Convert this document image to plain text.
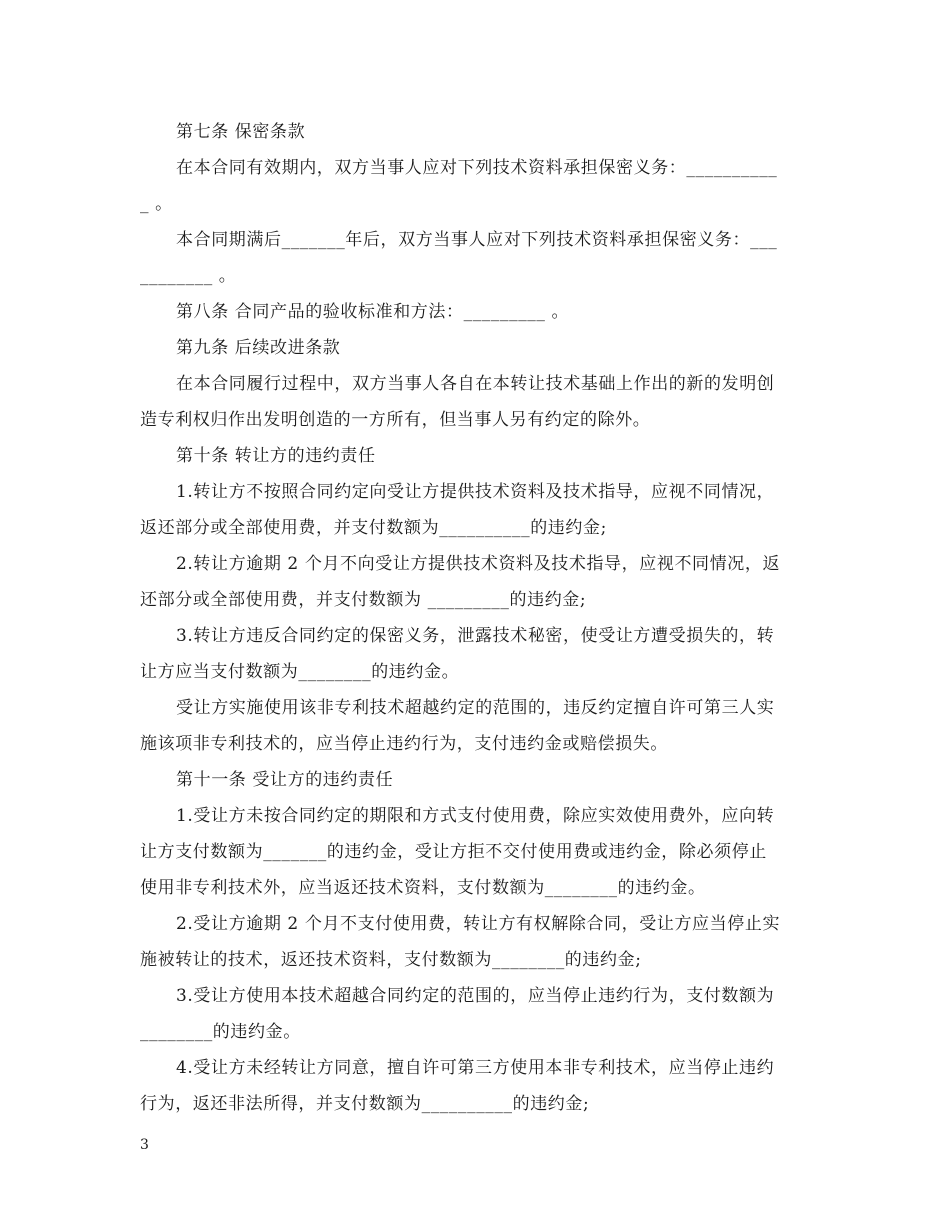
第七条 保密条款
在本合同有效期内，双方当事人应对下列技术资料承担保密义务：__________
_ 。
本合同期满后_______年后，双方当事人应对下列技术资料承担保密义务：___
________ 。
第八条 合同产品的验收标准和方法：_________ 。
第九条 后续改进条款
在本合同履行过程中，双方当事人各自在本转让技术基础上作出的新的发明创
造专利权归作出发明创造的一方所有，但当事人另有约定的除外。
第十条 转让方的违约责任
1.转让方不按照合同约定向受让方提供技术资料及技术指导，应视不同情况，
返还部分或全部使用费，并支付数额为__________的违约金;
2.转让方逾期 2 个月不向受让方提供技术资料及技术指导，应视不同情况，返
还部分或全部使用费，并支付数额为 _________的违约金;
3.转让方违反合同约定的保密义务，泄露技术秘密，使受让方遭受损失的，转
让方应当支付数额为________的违约金。
受让方实施使用该非专利技术超越约定的范围的，违反约定擅自许可第三人实
施该项非专利技术的，应当停止违约行为，支付违约金或赔偿损失。
第十一条 受让方的违约责任
1.受让方未按合同约定的期限和方式支付使用费，除应实效使用费外，应向转
让方支付数额为_______的违约金，受让方拒不交付使用费或违约金，除必须停止
使用非专利技术外，应当返还技术资料，支付数额为________的违约金。
2.受让方逾期 2 个月不支付使用费，转让方有权解除合同，受让方应当停止实
施被转让的技术，返还技术资料，支付数额为________的违约金;
3.受让方使用本技术超越合同约定的范围的，应当停止违约行为，支付数额为
________的违约金。
4.受让方未经转让方同意，擅自许可第三方使用本非专利技术，应当停止违约
行为，返还非法所得，并支付数额为__________的违约金;
3
